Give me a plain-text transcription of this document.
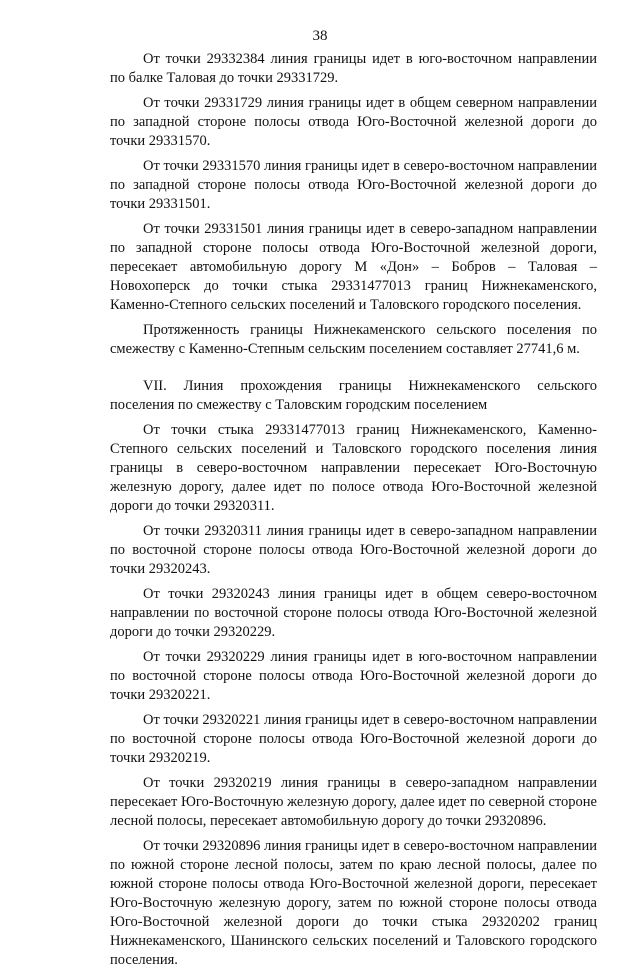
38

От точки 29332384 линия границы идет в юго-восточном направлении по балке Таловая до точки 29331729.

От точки 29331729 линия границы идет в общем северном направлении по западной стороне полосы отвода Юго-Восточной железной дороги до точки 29331570.

От точки 29331570 линия границы идет в северо-восточном направлении по западной стороне полосы отвода Юго-Восточной железной дороги до точки 29331501.

От точки 29331501 линия границы идет в северо-западном направлении по западной стороне полосы отвода Юго-Восточной железной дороги, пересекает автомобильную дорогу М «Дон» – Бобров – Таловая – Новохоперск до точки стыка 29331477013 границ Нижнекаменского, Каменно-Степного сельских поселений и Таловского городского поселения.

Протяженность границы Нижнекаменского сельского поселения по смежеству с Каменно-Степным сельским поселением составляет 27741,6 м.

VII. Линия прохождения границы Нижнекаменского сельского поселения по смежеству с Таловским городским поселением

От точки стыка 29331477013 границ Нижнекаменского, Каменно-Степного сельских поселений и Таловского городского поселения линия границы в северо-восточном направлении пересекает Юго-Восточную железную дорогу, далее идет по полосе отвода Юго-Восточной железной дороги до точки 29320311.

От точки 29320311 линия границы идет в северо-западном направлении по восточной стороне полосы отвода Юго-Восточной железной дороги до точки 29320243.

От точки 29320243 линия границы идет в общем северо-восточном направлении по восточной стороне полосы отвода Юго-Восточной железной дороги до точки 29320229.

От точки 29320229 линия границы идет в юго-восточном направлении по восточной стороне полосы отвода Юго-Восточной железной дороги до точки 29320221.

От точки 29320221 линия границы идет в северо-восточном направлении по восточной стороне полосы отвода Юго-Восточной железной дороги до точки 29320219.

От точки 29320219 линия границы в северо-западном направлении пересекает Юго-Восточную железную дорогу, далее идет по северной стороне лесной полосы, пересекает автомобильную дорогу до точки 29320896.

От точки 29320896 линия границы идет в северо-восточном направлении по южной стороне лесной полосы, затем по краю лесной полосы, далее по южной стороне полосы отвода Юго-Восточной железной дороги, пересекает Юго-Восточную железную дорогу, затем по южной стороне полосы отвода Юго-Восточной железной дороги до точки стыка 29320202 границ Нижнекаменского, Шанинского сельских поселений и Таловского городского поселения.
